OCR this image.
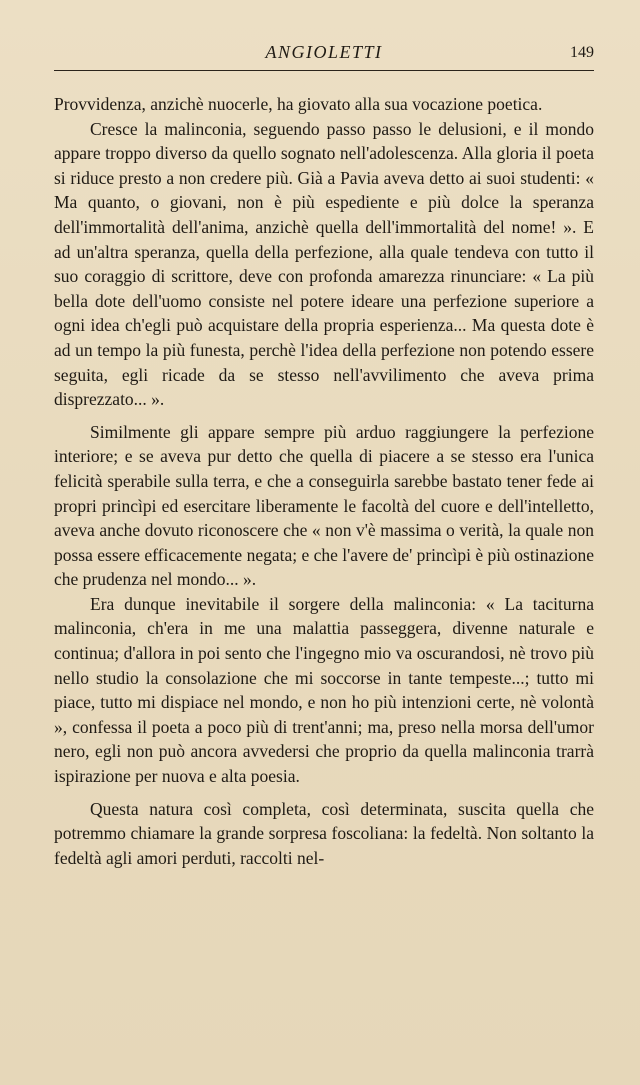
ANGIOLETTI	149

Provvidenza, anzichè nuocerle, ha giovato alla sua vocazione poetica.

Cresce la malinconia, seguendo passo passo le delusioni, e il mondo appare troppo diverso da quello sognato nell'adolescenza. Alla gloria il poeta si riduce presto a non credere più. Già a Pavia aveva detto ai suoi studenti: « Ma quanto, o giovani, non è più espediente e più dolce la speranza dell'immortalità dell'anima, anzichè quella dell'immortalità del nome! ». E ad un'altra speranza, quella della perfezione, alla quale tendeva con tutto il suo coraggio di scrittore, deve con profonda amarezza rinunciare: « La più bella dote dell'uomo consiste nel potere ideare una perfezione superiore a ogni idea ch'egli può acquistare della propria esperienza... Ma questa dote è ad un tempo la più funesta, perchè l'idea della perfezione non potendo essere seguita, egli ricade da se stesso nell'avvilimento che aveva prima disprezzato... ».

Similmente gli appare sempre più arduo raggiungere la perfezione interiore; e se aveva pur detto che quella di piacere a se stesso era l'unica felicità sperabile sulla terra, e che a conseguirla sarebbe bastato tener fede ai propri princìpi ed esercitare liberamente le facoltà del cuore e dell'intelletto, aveva anche dovuto riconoscere che « non v'è massima o verità, la quale non possa essere efficacemente negata; e che l'avere de' princìpi è più ostinazione che prudenza nel mondo... ».

Era dunque inevitabile il sorgere della malinconia: « La taciturna malinconia, ch'era in me una malattia passeggera, divenne naturale e continua; d'allora in poi sento che l'ingegno mio va oscurandosi, nè trovo più nello studio la consolazione che mi soccorse in tante tempeste...; tutto mi piace, tutto mi dispiace nel mondo, e non ho più intenzioni certe, nè volontà », confessa il poeta a poco più di trent'anni; ma, preso nella morsa dell'umor nero, egli non può ancora avvedersi che proprio da quella malinconia trarrà ispirazione per nuova e alta poesia.

Questa natura così completa, così determinata, suscita quella che potremmo chiamare la grande sorpresa foscoliana: la fedeltà. Non soltanto la fedeltà agli amori perduti, raccolti nel-
